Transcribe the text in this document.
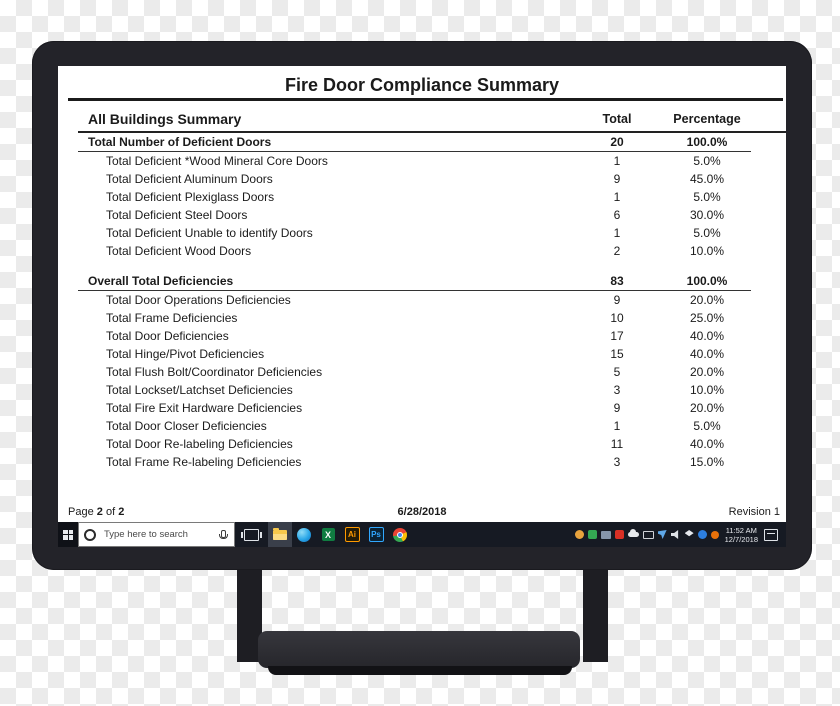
Fire Door Compliance Summary
All Buildings Summary	Total	Percentage
Total Number of Deficient Doors	20	100.0%
Total Deficient *Wood Mineral Core Doors	1	5.0%
Total Deficient Aluminum Doors	9	45.0%
Total Deficient Plexiglass Doors	1	5.0%
Total Deficient Steel Doors	6	30.0%
Total Deficient Unable to identify Doors	1	5.0%
Total Deficient Wood Doors	2	10.0%
Overall Total Deficiencies	83	100.0%
Total Door Operations Deficiencies	9	20.0%
Total Frame Deficiencies	10	25.0%
Total Door Deficiencies	17	40.0%
Total Hinge/Pivot Deficiencies	15	40.0%
Total Flush Bolt/Coordinator Deficiencies	5	20.0%
Total Lockset/Latchset Deficiencies	3	10.0%
Total Fire Exit Hardware Deficiencies	9	20.0%
Total Door Closer Deficiencies	1	5.0%
Total Door Re-labeling Deficiencies	11	40.0%
Total Frame Re-labeling Deficiencies	3	15.0%
Page 2 of 2	6/28/2018	Revision 1
Type here to search
X	Ai	Ps	11:52 AM
12/7/2018
